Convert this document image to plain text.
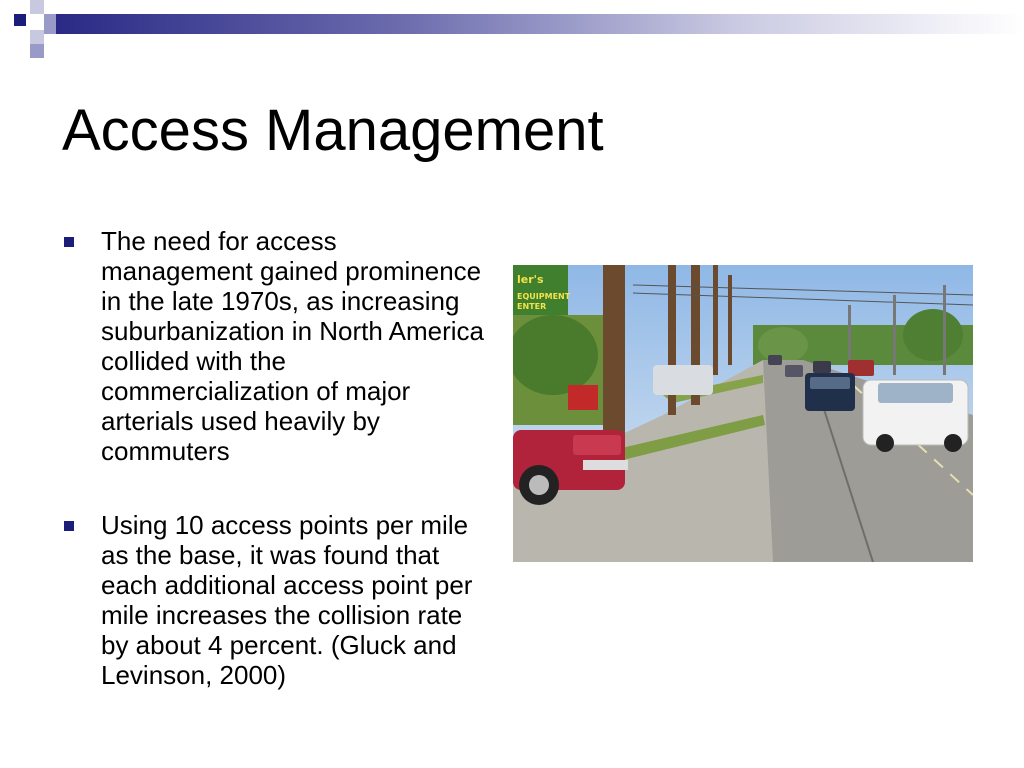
Access Management
The need for access management gained prominence in the late 1970s, as increasing suburbanization in North America collided with the commercialization of major arterials used heavily by commuters
Using 10 access points per mile as the base, it was found that each additional access point per mile increases the collision rate by about 4 percent. (Gluck and Levinson, 2000)
ler's
EQUIPMENT
ENTER
